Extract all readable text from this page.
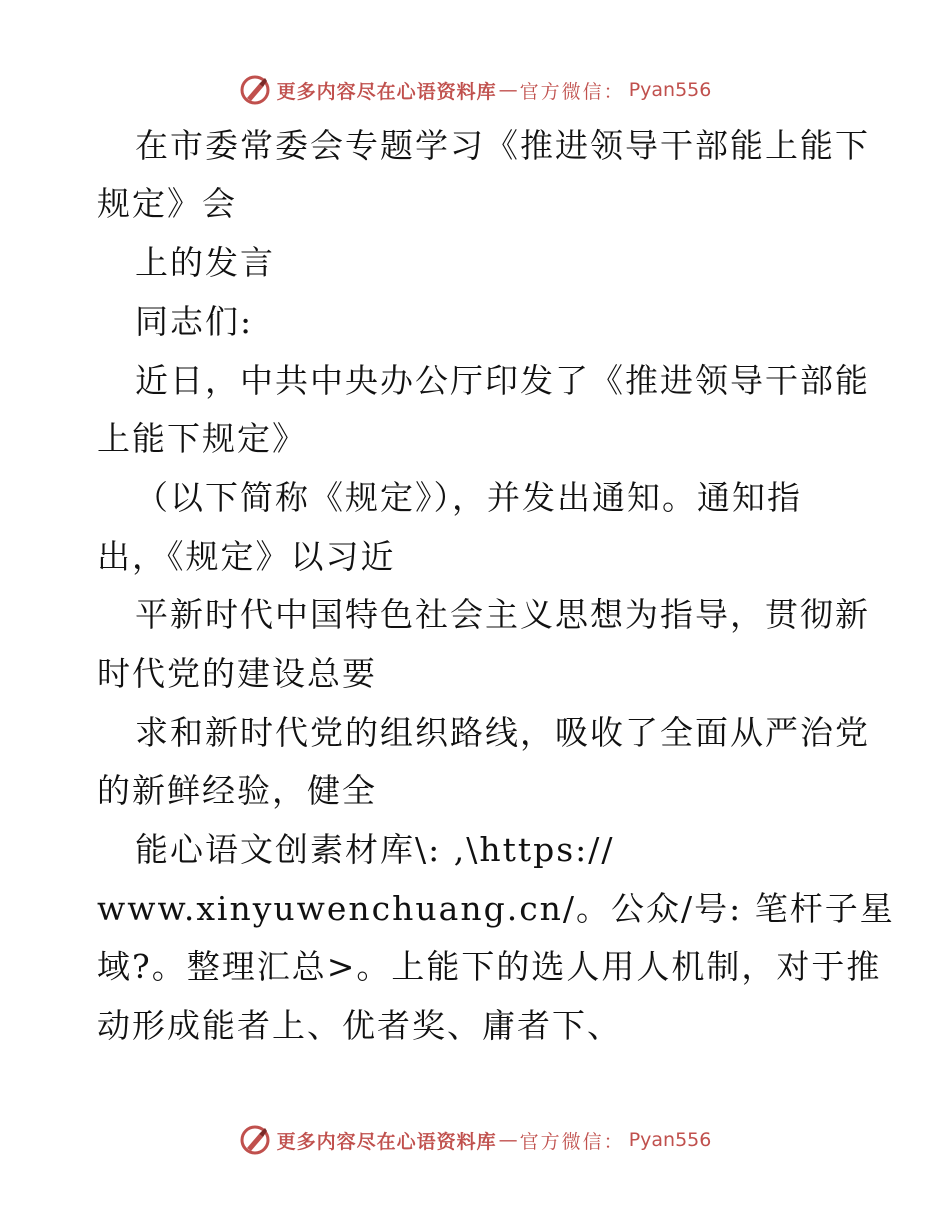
更多内容尽在心语资料库 — 官方微信： Pyan556
在市委常委会专题学习《推进领导干部能上能下
规定》会
上的发言
同志们:
近日，中共中央办公厅印发了《推进领导干部能
上能下规定》
（以下简称《规定》），并发出通知。通知指
出，《规定》以习近
平新时代中国特色社会主义思想为指导，贯彻新
时代党的建设总要
求和新时代党的组织路线，吸收了全面从严治党
的新鲜经验，健全
能心语文创素材库\: ,\https://
www.xinyuwenchuang.cn/。公众/号: 笔杆子星
域?。整理汇总>。上能下的选人用人机制，对于推
动形成能者上、优者奖、庸者下、
更多内容尽在心语资料库 — 官方微信： Pyan556
